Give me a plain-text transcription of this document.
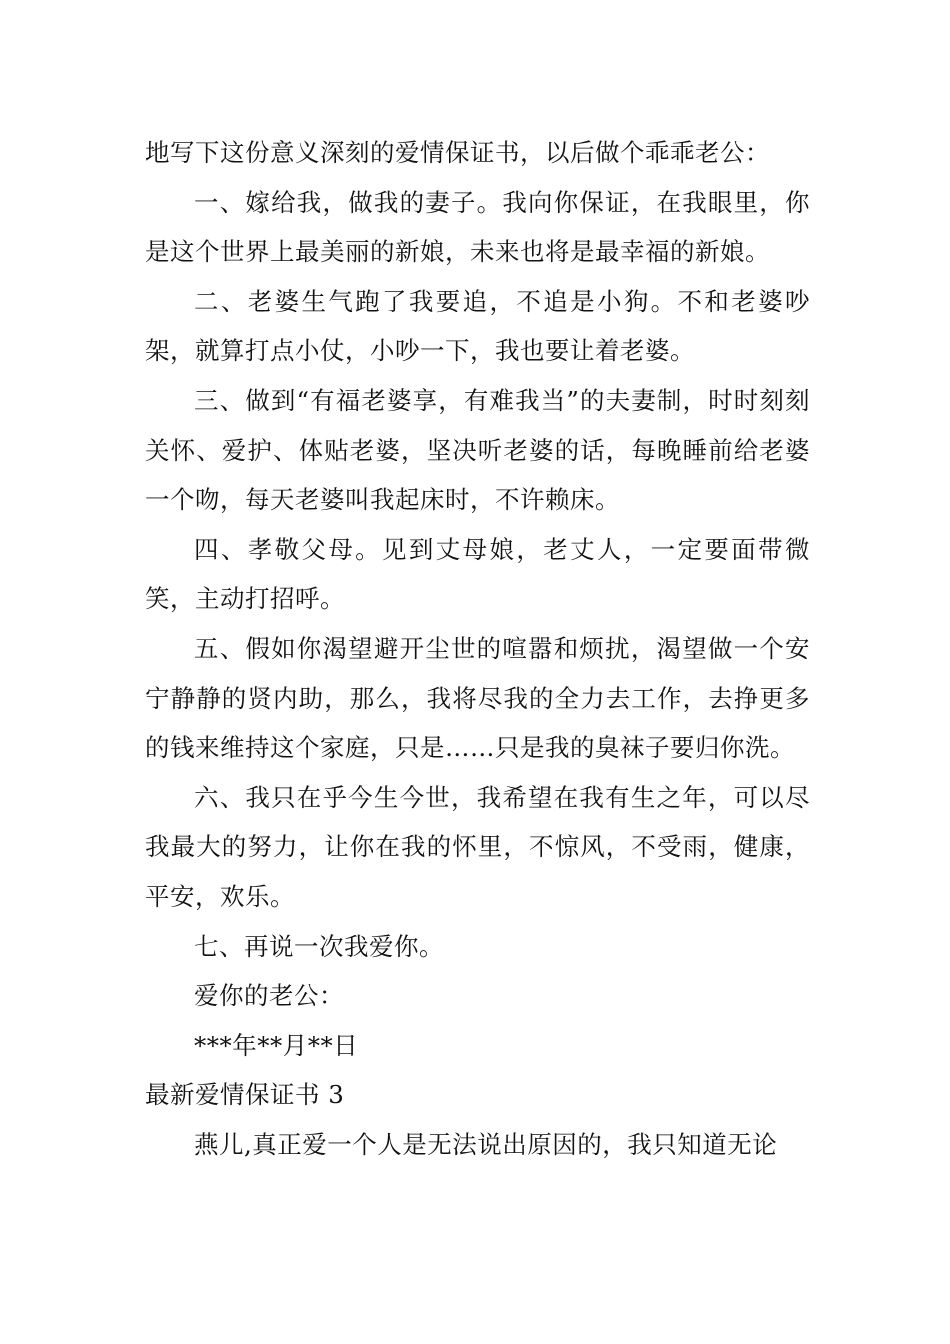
地写下这份意义深刻的爱情保证书，以后做个乖乖老公：

一、嫁给我，做我的妻子。我向你保证，在我眼里，你是这个世界上最美丽的新娘，未来也将是最幸福的新娘。

二、老婆生气跑了我要追，不追是小狗。不和老婆吵架，就算打点小仗，小吵一下，我也要让着老婆。

三、做到“有福老婆享，有难我当”的夫妻制，时时刻刻关怀、爱护、体贴老婆，坚决听老婆的话，每晚睡前给老婆一个吻，每天老婆叫我起床时，不许赖床。

四、孝敬父母。见到丈母娘，老丈人，一定要面带微笑，主动打招呼。

五、假如你渴望避开尘世的喧嚣和烦扰，渴望做一个安宁静静的贤内助，那么，我将尽我的全力去工作，去挣更多的钱来维持这个家庭，只是……只是我的臭袜子要归你洗。

六、我只在乎今生今世，我希望在我有生之年，可以尽我最大的努力，让你在我的怀里，不惊风，不受雨，健康，平安，欢乐。

七、再说一次我爱你。

爱你的老公：

***年**月**日

最新爱情保证书 3

燕儿,真正爱一个人是无法说出原因的，我只知道无论
